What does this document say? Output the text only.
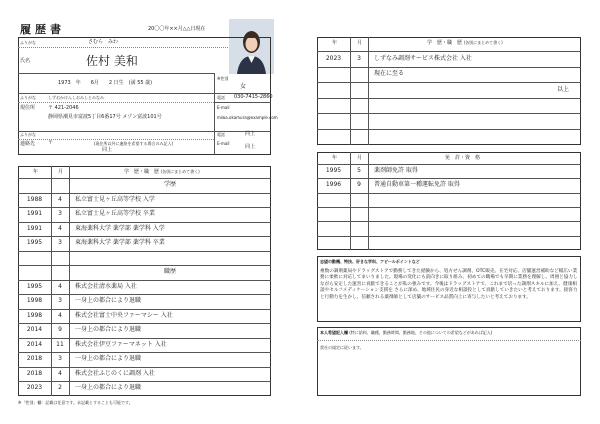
履歴書	20〇〇年××月△△日現在
ふりがな	さむら　みわ
氏名	佐村 美和
1973　年　　6月　　2 日生　(満 55 歳)
※性別
女
ふりがな	しずおかけんしおみしとみなみ	電話 030-7415-2860
現住所	〒 421-2046
静岡県潮見市富波5丁目6番17号 メゾン富波101号
E-mail
miwa.okamura@example.com
ふりがな	電話	同上
連絡先	〒	(現住所以外に連絡を希望する場合のみ記入)
同上
E-mail
同上
年	月	学　歴・職　歴 (各別にまとめて書く)
学歴
1988	4	私立富士見ヶ丘高等学校 入学
1991	3	私立富士見ヶ丘高等学校 卒業
1991	4	東海薬科大学 薬学部 薬学科 入学
1995	3	東海薬科大学 薬学部 薬学科 卒業
職歴
1995	4	株式会社清水薬局 入社
1998	3	一身上の都合により退職
1998	4	株式会社富士中央ファーマシー 入社
2014	9	一身上の都合により退職
2014	11	株式会社伊豆ファーマネット 入社
2018	3	一身上の都合により退職
2018	4	株式会社ふじのくに調剤 入社
2023	2	一身上の都合により退職
※「性別」欄：記載は任意です。未記載とすることも可能です。
年	月	学　歴・職　歴 (各別にまとめて書く)
2023	3	しずなみ調剤サービス株式会社 入社
現在に至る
以上
年	月	免　許・資　格
1995	5	薬剤師免許 取得
1996	9	普通自動車第一種運転免許 取得
志望の動機、特技、好きな学科、アピールポイントなど
複数の調剤薬局やドラッグストアで勤務してきた経験から、処方せん調剤、OTC販売、在宅対応、店舗運営補助など幅広い業務に柔軟に対応してまいりました。現場の変化にも前向きに取り組み、初めての職場でも早期に業務を理解し、周囲と協力しながら安定した運営に貢献できることが私の強みです。今後はドラッグストアで、これまで培った調剤スキルに加え、健康相談やセルフメディケーション支援を さらに深め、地域住民の身近な相談役として貢献していきたいと考えております。接客力と行動力を生かし、信頼される薬剤師として店舗のサービス品質向上に寄与したいと考えております。
本人希望記入欄 (特に給料、職種、勤務時間、勤務地、その他についての希望などがあれば記入)
貴社の規定に従います。
